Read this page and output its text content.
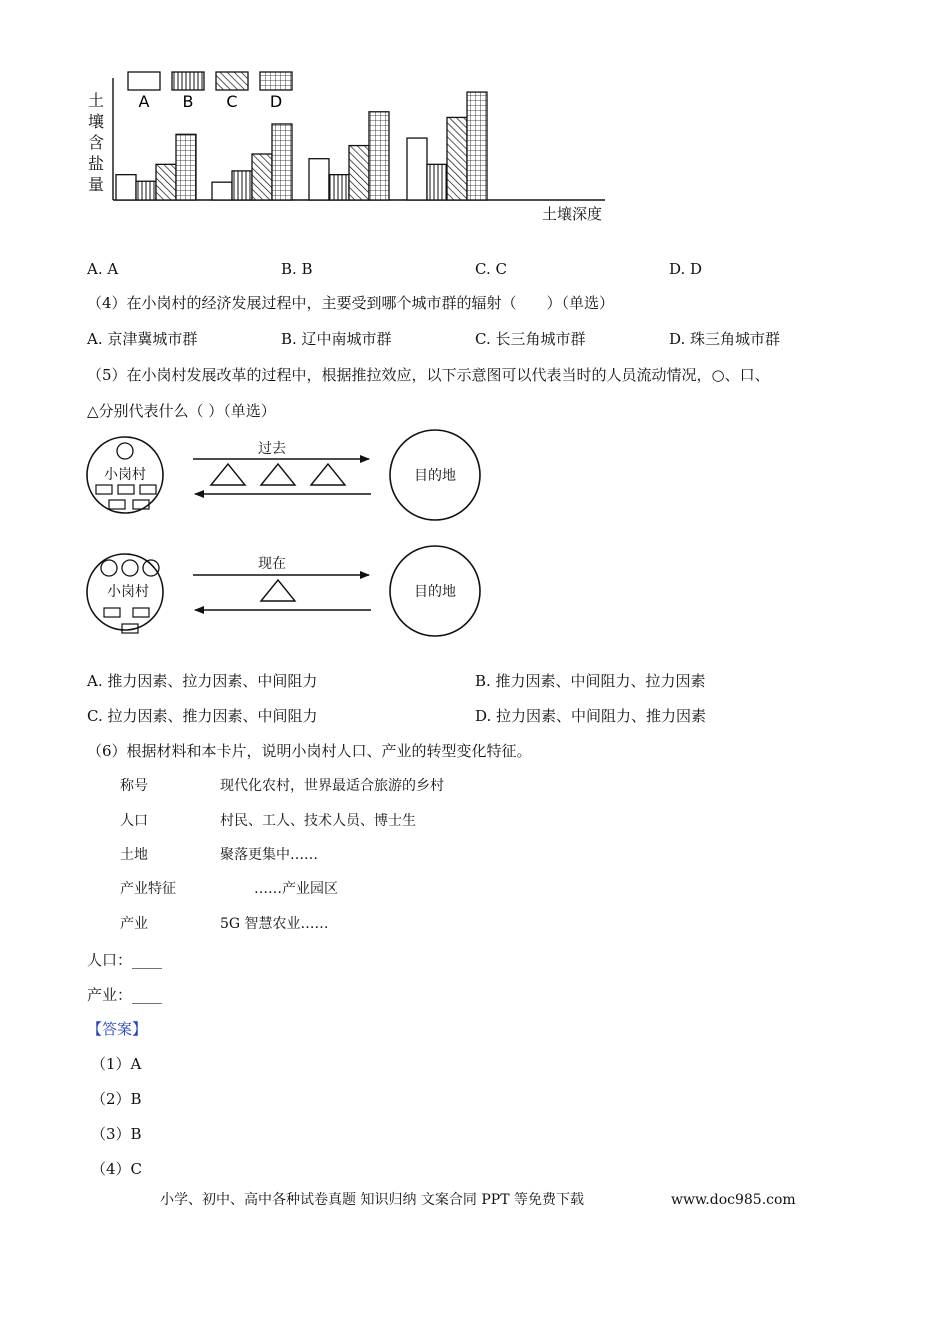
A B C D
土
壤
含
盐
量
土壤深度
A. A	B. B	C. C	D. D
（4）在小岗村的经济发展过程中，主要受到哪个城市群的辐射（　　）（单选）
A. 京津冀城市群	B. 辽中南城市群	C. 长三角城市群	D. 珠三角城市群
（5）在小岗村发展改革的过程中，根据推拉效应，以下示意图可以代表当时的人员流动情况，○、口、
△分别代表什么（ ）（单选）
小岗村
过去
目的地
小岗村
现在
目的地
A. 推力因素、拉力因素、中间阻力	B. 推力因素、中间阻力、拉力因素
C. 拉力因素、推力因素、中间阻力	D. 拉力因素、中间阻力、推力因素
（6）根据材料和本卡片，说明小岗村人口、产业的转型变化特征。
称号	现代化农村，世界最适合旅游的乡村
人口	村民、工人、技术人员、博士生
土地	聚落更集中……
产业特征	……产业园区
产业	5G 智慧农业……
人口：____
产业：____
【答案】
（1）A
（2）B
（3）B
（4）C
小学、初中、高中各种试卷真题 知识归纳 文案合同 PPT 等免费下载	www.doc985.com
